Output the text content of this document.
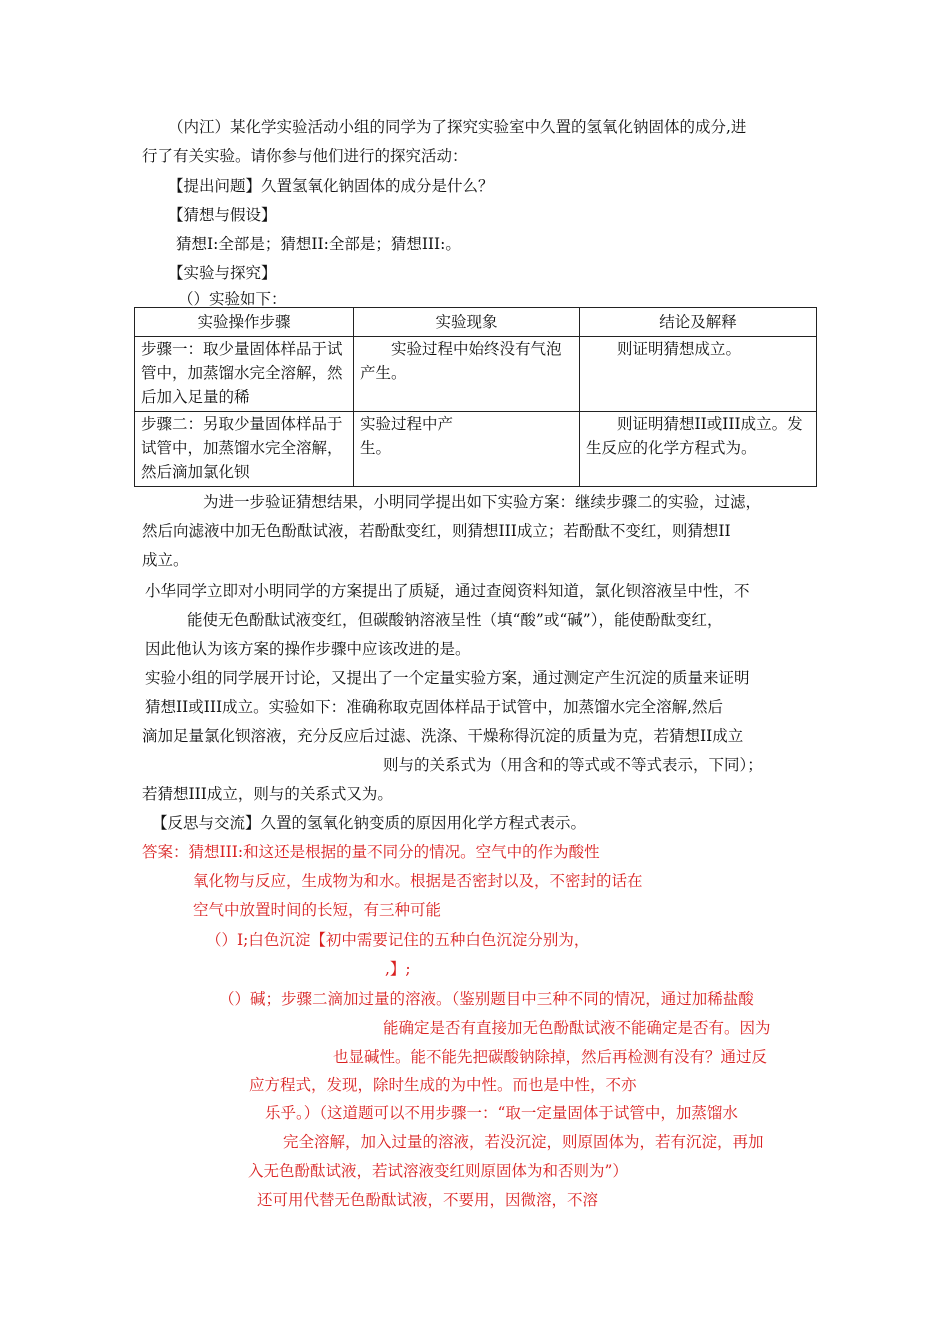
（内江）某化学实验活动小组的同学为了探究实验室中久置的氢氧化钠固体的成分,进
行了有关实验。请你参与他们进行的探究活动：
【提出问题】久置氢氧化钠固体的成分是什么？
【猜想与假设】
猜想Ⅰ:全部是；猜想ⅠⅠ:全部是；猜想ⅠⅠⅠ:。
【实验与探究】
（）实验如下：
实验操作步骤	实验现象	结论及解释

步骤一：取少量固体样品于试管中，加蒸馏水完全溶解，然后加入足量的稀	实验过程中始终没有气泡产生。	则证明猜想成立。

步骤二：另取少量固体样品于试管中，加蒸馏水完全溶解，然后滴加氯化钡	实验过程中产生。	则证明猜想ⅠⅠ或ⅠⅠⅠ成立。发生反应的化学方程式为。
为进一步验证猜想结果，小明同学提出如下实验方案：继续步骤二的实验，过滤，
然后向滤液中加无色酚酞试液，若酚酞变红，则猜想ⅠⅠⅠ成立；若酚酞不变红，则猜想ⅠⅠ
成立。
小华同学立即对小明同学的方案提出了质疑，通过查阅资料知道，氯化钡溶液呈中性，不
能使无色酚酞试液变红，但碳酸钠溶液呈性（填“酸”或“碱”），能使酚酞变红，
因此他认为该方案的操作步骤中应该改进的是。
实验小组的同学展开讨论，又提出了一个定量实验方案，通过测定产生沉淀的质量来证明
猜想ⅠⅠ或ⅠⅠⅠ成立。实验如下：准确称取克固体样品于试管中，加蒸馏水完全溶解,然后
滴加足量氯化钡溶液，充分反应后过滤、洗涤、干燥称得沉淀的质量为克，若猜想ⅠⅠ成立
则与的关系式为（用含和的等式或不等式表示，下同）；
若猜想ⅠⅠⅠ成立，则与的关系式又为。
【反思与交流】久置的氢氧化钠变质的原因用化学方程式表示。
答案：猜想ⅠⅠⅠ:和这还是根据的量不同分的情况。空气中的作为酸性
氧化物与反应，生成物为和水。根据是否密封以及，不密封的话在
空气中放置时间的长短，有三种可能
（）Ⅰ;白色沉淀【初中需要记住的五种白色沉淀分别为，
,】;
（）碱；步骤二滴加过量的溶液。（鉴别题目中三种不同的情况，通过加稀盐酸
能确定是否有直接加无色酚酞试液不能确定是否有。因为
也显碱性。能不能先把碳酸钠除掉，然后再检测有没有？通过反
应方程式，发现，除时生成的为中性。而也是中性，不亦
乐乎。）（这道题可以不用步骤一：“取一定量固体于试管中，加蒸馏水
完全溶解，加入过量的溶液，若没沉淀，则原固体为，若有沉淀，再加
入无色酚酞试液，若试溶液变红则原固体为和否则为”）
还可用代替无色酚酞试液，不要用，因微溶，不溶
